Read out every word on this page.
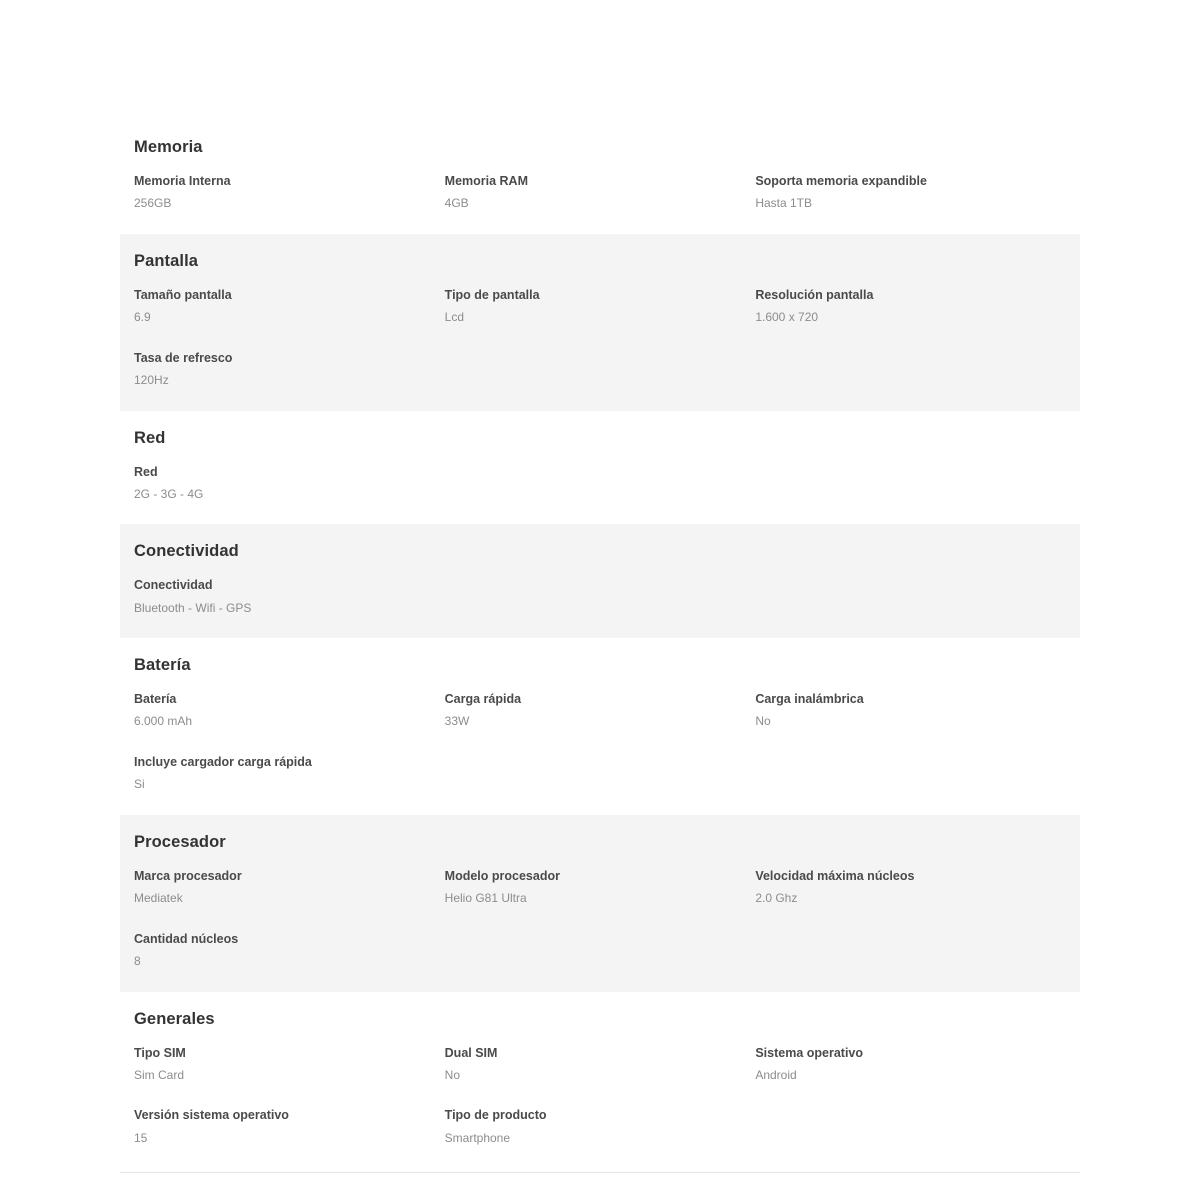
Memoria
Memoria Interna
256GB
Memoria RAM
4GB
Soporta memoria expandible
Hasta 1TB
Pantalla
Tamaño pantalla
6.9
Tipo de pantalla
Lcd
Resolución pantalla
1.600 x 720
Tasa de refresco
120Hz
Red
Red
2G - 3G - 4G
Conectividad
Conectividad
Bluetooth - Wifi - GPS
Batería
Batería
6.000 mAh
Carga rápida
33W
Carga inalámbrica
No
Incluye cargador carga rápida
Si
Procesador
Marca procesador
Mediatek
Modelo procesador
Helio G81 Ultra
Velocidad máxima núcleos
2.0 Ghz
Cantidad núcleos
8
Generales
Tipo SIM
Sim Card
Dual SIM
No
Sistema operativo
Android
Versión sistema operativo
15
Tipo de producto
Smartphone
